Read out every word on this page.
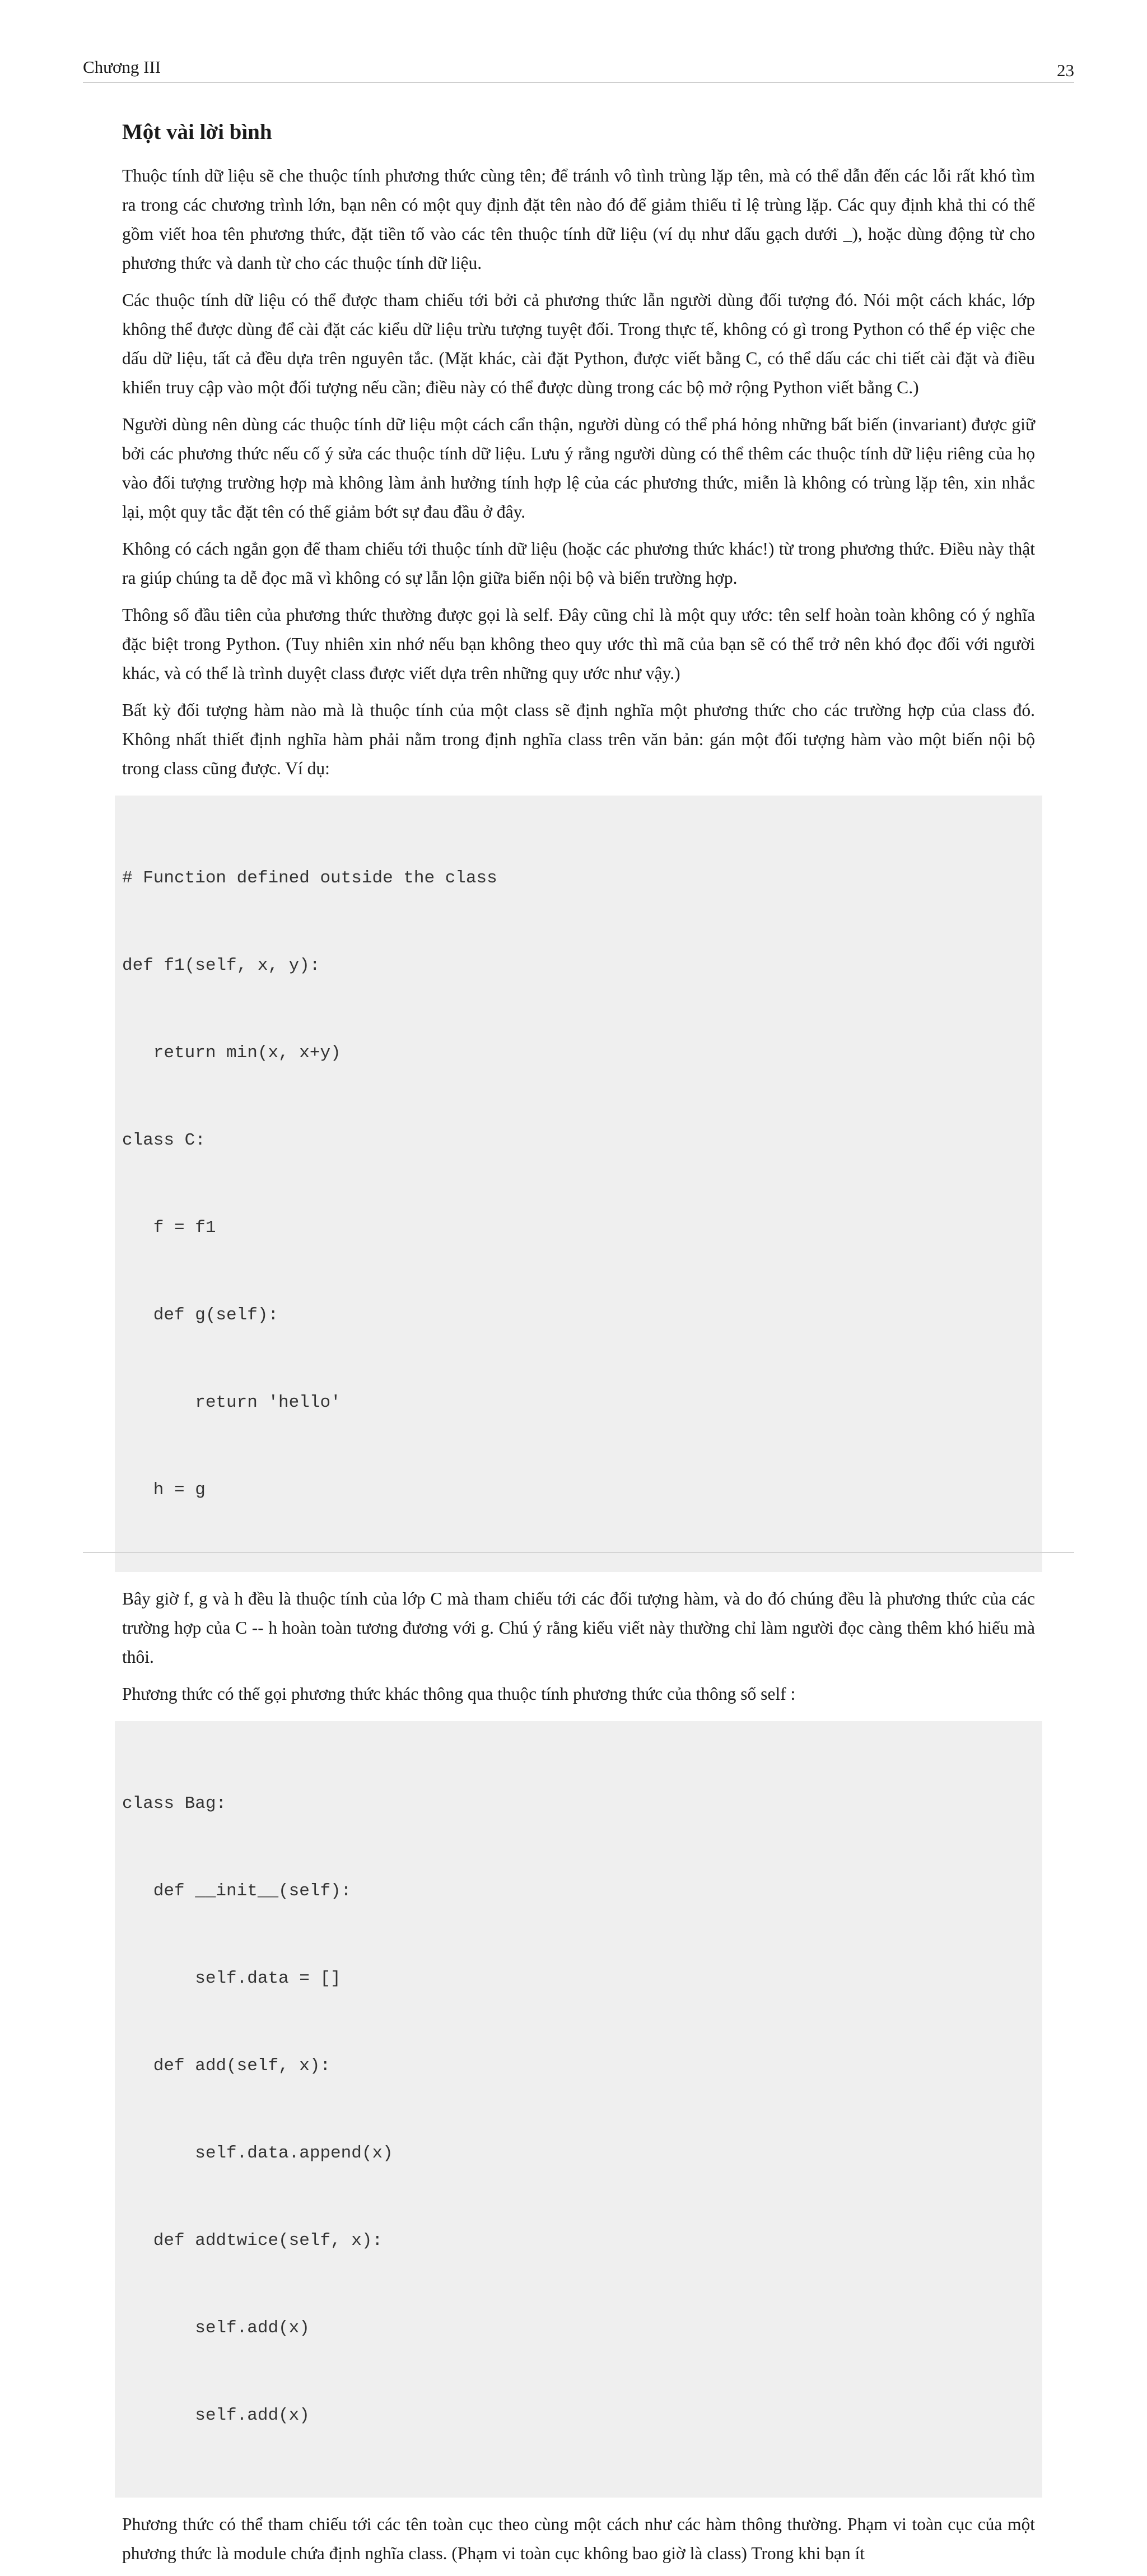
Chương III	23
Một vài lời bình

Thuộc tính dữ liệu sẽ che thuộc tính phương thức cùng tên; để tránh vô tình trùng lặp tên, mà có thể dẫn đến các lỗi rất khó tìm ra trong các chương trình lớn, bạn nên có một quy định đặt tên nào đó để giảm thiểu tỉ lệ trùng lặp. Các quy định khả thi có thể gồm viết hoa tên phương thức, đặt tiền tố vào các tên thuộc tính dữ liệu (ví dụ như dấu gạch dưới _), hoặc dùng động từ cho phương thức và danh từ cho các thuộc tính dữ liệu.

Các thuộc tính dữ liệu có thể được tham chiếu tới bởi cả phương thức lẫn người dùng đối tượng đó. Nói một cách khác, lớp không thể được dùng để cài đặt các kiểu dữ liệu trừu tượng tuyệt đối. Trong thực tế, không có gì trong Python có thể ép việc che dấu dữ liệu, tất cả đều dựa trên nguyên tắc. (Mặt khác, cài đặt Python, được viết bằng C, có thể dấu các chi tiết cài đặt và điều khiển truy cập vào một đối tượng nếu cần; điều này có thể được dùng trong các bộ mở rộng Python viết bằng C.)

Người dùng nên dùng các thuộc tính dữ liệu một cách cẩn thận, người dùng có thể phá hỏng những bất biến (invariant) được giữ bởi các phương thức nếu cố ý sửa các thuộc tính dữ liệu. Lưu ý rằng người dùng có thể thêm các thuộc tính dữ liệu riêng của họ vào đối tượng trường hợp mà không làm ảnh hưởng tính hợp lệ của các phương thức, miễn là không có trùng lặp tên, xin nhắc lại, một quy tắc đặt tên có thể giảm bớt sự đau đầu ở đây.

Không có cách ngắn gọn để tham chiếu tới thuộc tính dữ liệu (hoặc các phương thức khác!) từ trong phương thức. Điều này thật ra giúp chúng ta dễ đọc mã vì không có sự lẫn lộn giữa biến nội bộ và biến trường hợp.

Thông số đầu tiên của phương thức thường được gọi là self. Đây cũng chỉ là một quy ước: tên self hoàn toàn không có ý nghĩa đặc biệt trong Python. (Tuy nhiên xin nhớ nếu bạn không theo quy ước thì mã của bạn sẽ có thể trở nên khó đọc đối với người khác, và có thể là trình duyệt class được viết dựa trên những quy ước như vậy.)

Bất kỳ đối tượng hàm nào mà là thuộc tính của một class sẽ định nghĩa một phương thức cho các trường hợp của class đó. Không nhất thiết định nghĩa hàm phải nằm trong định nghĩa class trên văn bản: gán một đối tượng hàm vào một biến nội bộ trong class cũng được. Ví dụ:

# Function defined outside the class

def f1(self, x, y):

return min(x, x+y)

class C:

f = f1

def g(self):

return 'hello'

h = g

Bây giờ f, g và h đều là thuộc tính của lớp C mà tham chiếu tới các đối tượng hàm, và do đó chúng đều là phương thức của các trường hợp của C -- h hoàn toàn tương đương với g. Chú ý rằng kiểu viết này thường chỉ làm người đọc càng thêm khó hiểu mà thôi.

Phương thức có thể gọi phương thức khác thông qua thuộc tính phương thức của thông số self :

class Bag:

def __init__(self):

self.data = []

def add(self, x):

self.data.append(x)

def addtwice(self, x):

self.add(x)

self.add(x)

Phương thức có thể tham chiếu tới các tên toàn cục theo cùng một cách như các hàm thông thường. Phạm vi toàn cục của một phương thức là module chứa định nghĩa class. (Phạm vi toàn cục không bao giờ là class) Trong khi bạn ít
